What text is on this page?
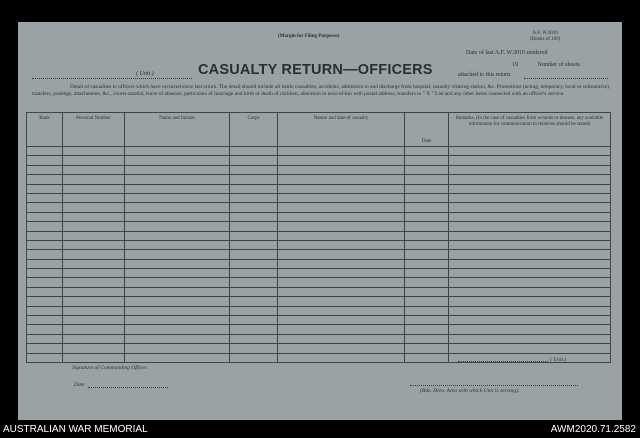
(Margin for Filing Purposes)
A.F. W.3010
(Books of 100)
Date of last A.F. W.3010 rendered
19	Number of sheets
attached to this return
( Unit.)	CASUALTY RETURN—OFFICERS
Detail of casualties to officers which have occurred since last return. The detail should include all battle casualties, accidents, admission to and discharge from hospital, casualty clearing station, &c. Promotions (acting, temporary, local or substantive), transfers, postings, attachments, &c., courts-martial, leave of absence, particulars of marriage and birth or death of children, alteration in next-of-kin with postal address, transfers to " X " List and any other items connected with an officer's service.
Rank	Personal Number	Name and Initials	Corps	Nature and date of casualty	Date	Remarks. (In the case of casualties from wounds or disease, any available information for communication to relatives should be stated)

Signature of Commanding Officer.
Date
( Unit.)
(Bde. Divn. Area with which Unit is serving).
AUSTRALIAN WAR MEMORIAL	AWM2020.71.2582
